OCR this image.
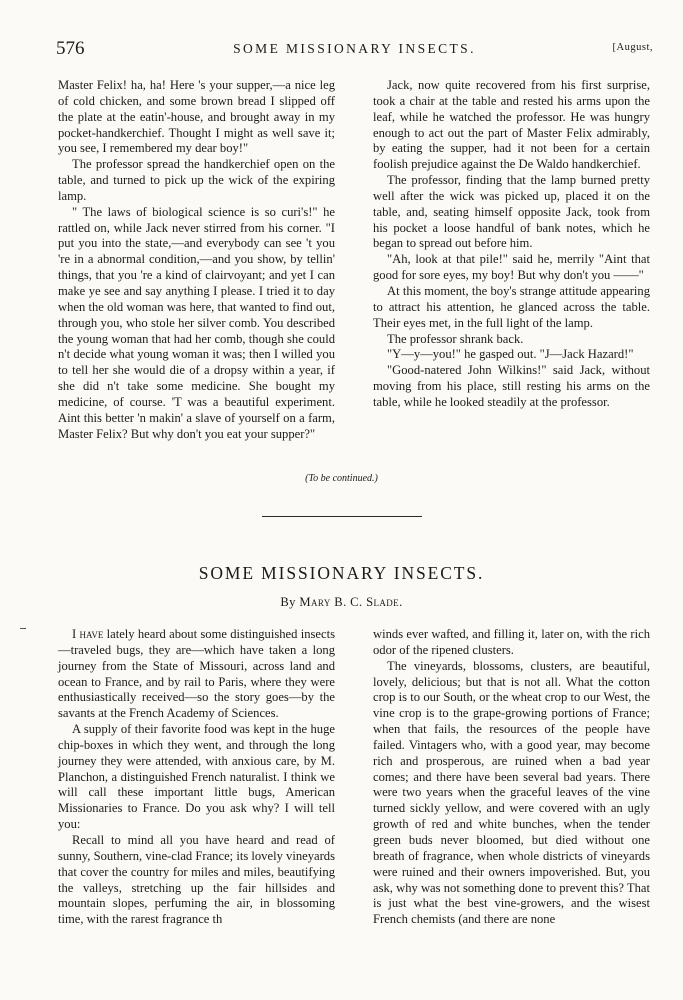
576	SOME MISSIONARY INSECTS.	[August,

Master Felix! ha, ha! Here 's your supper,—a nice leg of cold chicken, and some brown bread I slipped off the plate at the eatin'-house, and brought away in my pocket-handkerchief. Thought I might as well save it; you see, I remembered my dear boy!"

The professor spread the handkerchief open on the table, and turned to pick up the wick of the expiring lamp.

" The laws of biological science is so curi's!" he rattled on, while Jack never stirred from his corner. "I put you into the state,—and everybody can see 't you 're in a abnormal condition,—and you show, by tellin' things, that you 're a kind of clairvoyant; and yet I can make ye see and say anything I please. I tried it to day when the old woman was here, that wanted to find out, through you, who stole her silver comb. You described the young woman that had her comb, though she could n't decide what young woman it was; then I willed you to tell her she would die of a dropsy within a year, if she did n't take some medicine. She bought my medicine, of course. 'T was a beautiful experiment. Aint this better 'n makin' a slave of yourself on a farm, Master Felix? But why don't you eat your supper?"

Jack, now quite recovered from his first surprise, took a chair at the table and rested his arms upon the leaf, while he watched the professor. He was hungry enough to act out the part of Master Felix admirably, by eating the supper, had it not been for a certain foolish prejudice against the De Waldo handkerchief.

The professor, finding that the lamp burned pretty well after the wick was picked up, placed it on the table, and, seating himself opposite Jack, took from his pocket a loose handful of bank notes, which he began to spread out before him.

"Ah, look at that pile!" said he, merrily "Aint that good for sore eyes, my boy! But why don't you ——"

At this moment, the boy's strange attitude appearing to attract his attention, he glanced across the table. Their eyes met, in the full light of the lamp.

The professor shrank back.

"Y—y—you!" he gasped out. "J—Jack Hazard!"

"Good-natered John Wilkins!" said Jack, without moving from his place, still resting his arms on the table, while he looked steadily at the professor.

(To be continued.)
SOME MISSIONARY INSECTS.
By Mary B. C. Slade.

I have lately heard about some distinguished insects—traveled bugs, they are—which have taken a long journey from the State of Missouri, across land and ocean to France, and by rail to Paris, where they were enthusiastically received—so the story goes—by the savants at the French Academy of Sciences.

A supply of their favorite food was kept in the huge chip-boxes in which they went, and through the long journey they were attended, with anxious care, by M. Planchon, a distinguished French naturalist. I think we will call these important little bugs, American Missionaries to France. Do you ask why? I will tell you:

Recall to mind all you have heard and read of sunny, Southern, vine-clad France; its lovely vineyards that cover the country for miles and miles, beautifying the valleys, stretching up the fair hillsides and mountain slopes, perfuming the air, in blossoming time, with the rarest fragrance th

winds ever wafted, and filling it, later on, with the rich odor of the ripened clusters.

The vineyards, blossoms, clusters, are beautiful, lovely, delicious; but that is not all. What the cotton crop is to our South, or the wheat crop to our West, the vine crop is to the grape-growing portions of France; when that fails, the resources of the people have failed. Vintagers who, with a good year, may become rich and prosperous, are ruined when a bad year comes; and there have been several bad years. There were two years when the graceful leaves of the vine turned sickly yellow, and were covered with an ugly growth of red and white bunches, when the tender green buds never bloomed, but died without one breath of fragrance, when whole districts of vineyards were ruined and their owners impoverished. But, you ask, why was not something done to prevent this? That is just what the best vine-growers, and the wisest French chemists (and there are none
